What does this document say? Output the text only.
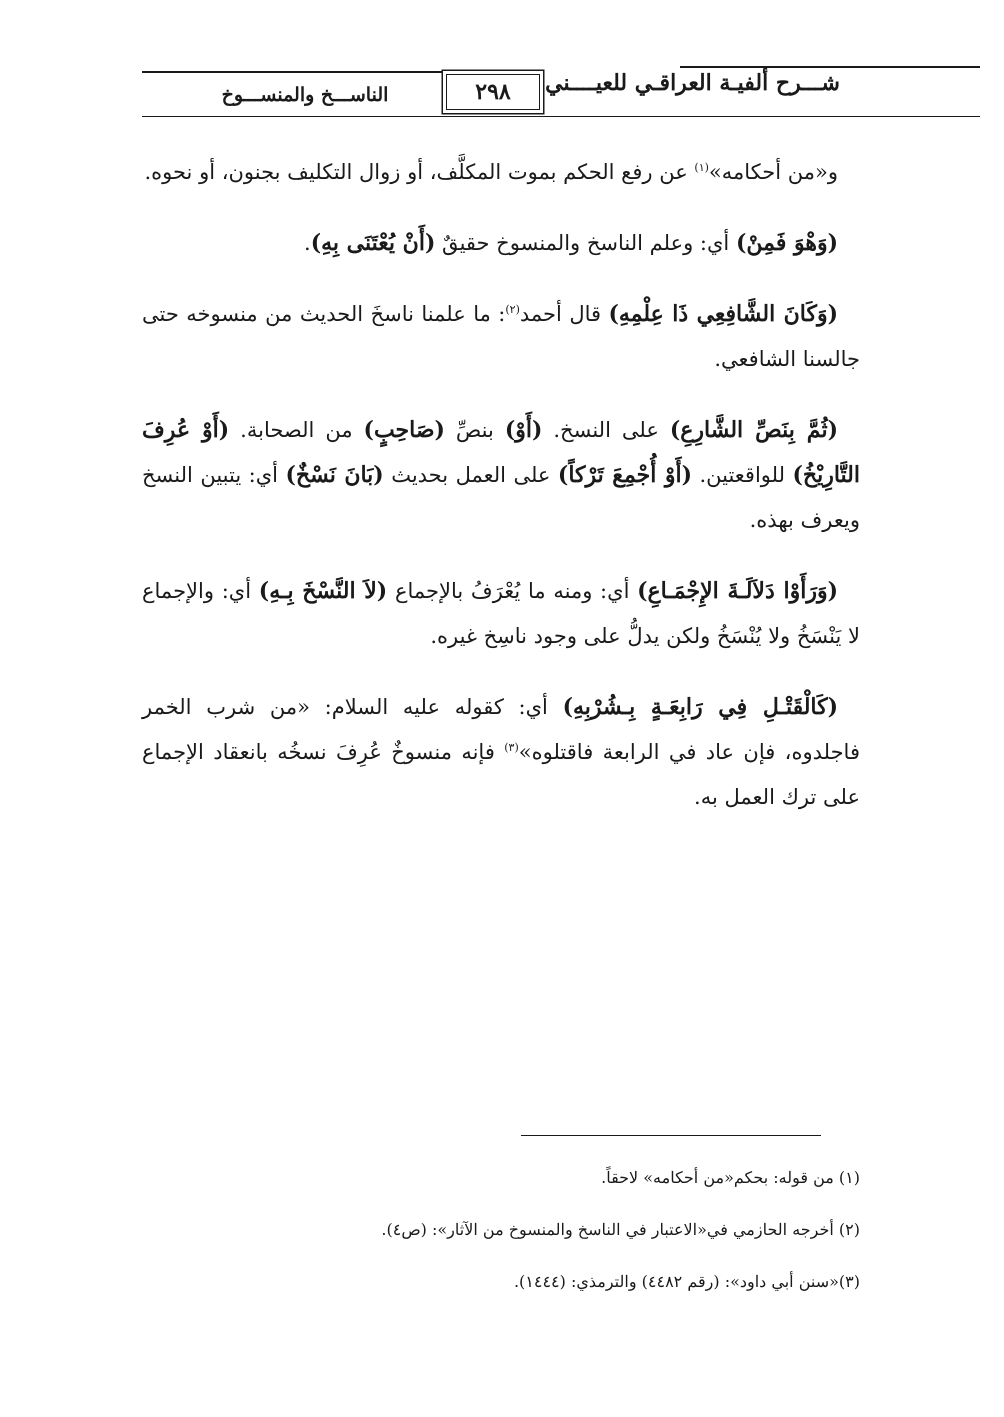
شـــرح ألفيـة العراقـي للعيــــني
٢٩٨
الناســـخ والمنســـوخ

و«من أحكامه»$^{(١)}$ عن رفع الحكم بموت المكلَّف، أو زوال التكليف بجنون، أو نحوه.

(وَهْوَ فَمِنْ) أي: وعلم الناسخ والمنسوخ حقيقٌ (أَنْ يُعْتَنَى بِهِ).

(وَكَانَ الشَّافِعِي ذَا عِلْمِهِ) قال أحمد$^{(٢)}$: ما علمنا ناسخَ الحديث من منسوخه حتى جالسنا الشافعي.

(ثُمَّ بِنَصِّ الشَّارِعِ) على النسخ. (أَوْ) بنصِّ (صَاحِبٍ) من الصحابة. (أَوْ عُرِفَ التَّارِيْخُ) للواقعتين. (أَوْ أُجْمِعَ تَرْكاً) على العمل بحديث (بَانَ نَسْخٌ) أي: يتبين النسخ ويعرف بهذه.

(وَرَأَوْا دَلاَلَـةَ الإِجْمَـاعِ) أي: ومنه ما يُعْرَفُ بالإجماع (لاَ النَّسْخَ بِـهِ) أي: والإجماع لا يَنْسَخُ ولا يُنْسَخُ ولكن يدلُّ على وجود ناسِخ غيره.

(كَالْقَتْـلِ فِي رَابِعَـةٍ بِـشُرْبِهِ) أي: كقوله عليه السلام: «من شرب الخمر فاجلدوه، فإن عاد في الرابعة فاقتلوه»$^{(٣)}$ فإنه منسوخٌ عُرِفَ نسخُه بانعقاد الإجماع على ترك العمل به.

(١) من قوله: بحكم«من أحكامه» لاحقاً.

(٢) أخرجه الحازمي في«الاعتبار في الناسخ والمنسوخ من الآثار»: (ص٤).

(٣)«سنن أبي داود»: (رقم ٤٤٨٢) والترمذي: (١٤٤٤).
